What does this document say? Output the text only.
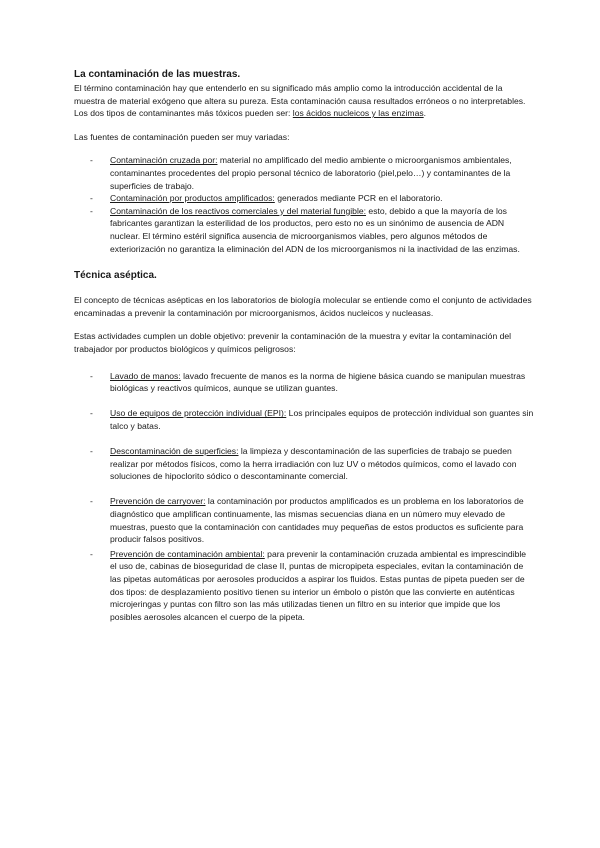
La contaminación de las muestras.

El término contaminación hay que entenderlo en su significado más amplio como la introducción accidental de la muestra de material exógeno que altera su pureza. Esta contaminación causa resultados erróneos o no interpretables.

Los dos tipos de contaminantes más tóxicos pueden ser: los ácidos nucleicos y las enzimas.

Las fuentes de contaminación pueden ser muy variadas:

- Contaminación cruzada por: material no amplificado del medio ambiente o microorganismos ambientales, contaminantes procedentes del propio personal técnico de laboratorio (piel,pelo…) y contaminantes de la superficies de trabajo.
- Contaminación por productos amplificados: generados mediante PCR en el laboratorio.
- Contaminación de los reactivos comerciales y del material fungible: esto, debido a que la mayoría de los fabricantes garantizan la esterilidad de los productos, pero esto no es un sinónimo de ausencia de ADN nuclear. El término estéril significa ausencia de microorganismos viables, pero algunos métodos de exteriorización no garantiza la eliminación del ADN de los microorganismos ni la inactividad de las enzimas.
Técnica aséptica.

El concepto de técnicas asépticas en los laboratorios de biología molecular se entiende como el conjunto de actividades encaminadas a prevenir la contaminación por microorganismos, ácidos nucleicos y nucleasas.

Estas actividades cumplen un doble objetivo: prevenir la contaminación de la muestra y evitar la contaminación del trabajador por productos biológicos y químicos peligrosos:

- Lavado de manos: lavado frecuente de manos es la norma de higiene básica cuando se manipulan muestras biológicas y reactivos químicos, aunque se utilizan guantes.

- Uso de equipos de protección individual (EPI): Los principales equipos de protección individual son guantes sin talco y batas.

- Descontaminación de superficies: la limpieza y descontaminación de las superficies de trabajo se pueden realizar por métodos físicos, como la herra irradiación con luz UV o métodos químicos, como el lavado con soluciones de hipoclorito sódico o descontaminante comercial.

- Prevención de carryover: la contaminación por productos amplificados es un problema en los laboratorios de diagnóstico que amplifican continuamente, las mismas secuencias diana en un número muy elevado de muestras, puesto que la contaminación con cantidades muy pequeñas de estos productos es suficiente para producir falsos positivos.
- Prevención de contaminación ambiental: para prevenir la contaminación cruzada ambiental es imprescindible el uso de, cabinas de bioseguridad de clase II, puntas de micropipeta especiales, evitan la contaminación de las pipetas automáticas por aerosoles producidos a aspirar los fluidos. Estas puntas de pipeta pueden ser de dos tipos: de desplazamiento positivo tienen su interior un émbolo o pistón que las convierte en auténticas microjeringas y puntas con filtro son las más utilizadas tienen un filtro en su interior que impide que los posibles aerosoles alcancen el cuerpo de la pipeta.
